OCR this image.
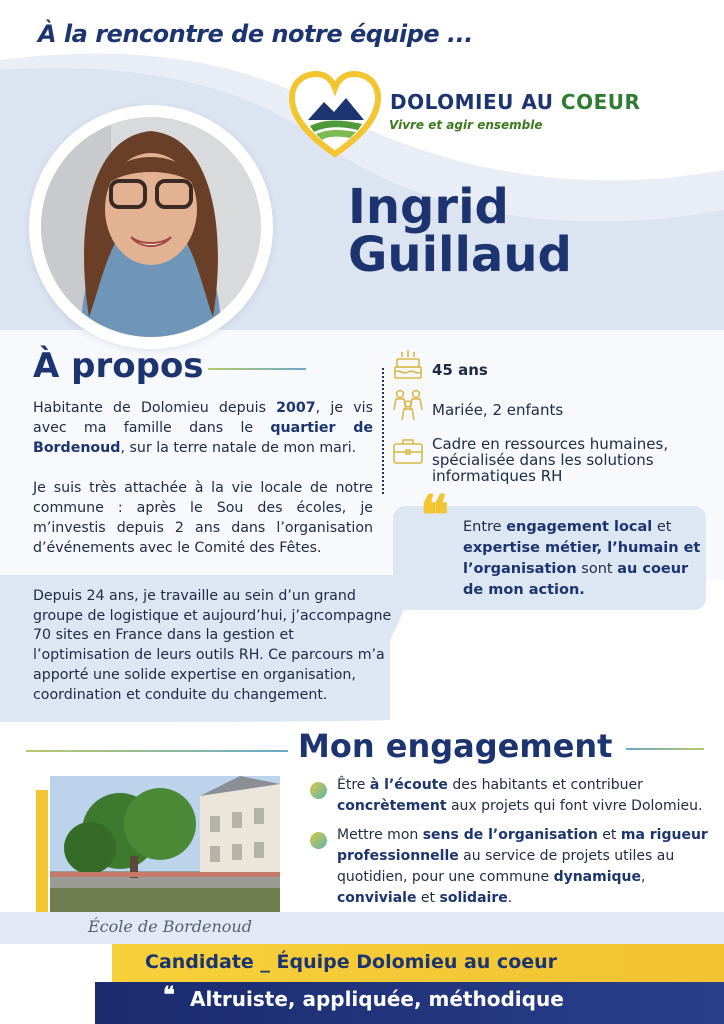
À la rencontre de notre équipe ...
DOLOMIEU AU COEUR
Vivre et agir ensemble
Ingrid
Guillaud
À propos
Habitante de Dolomieu depuis 2007, je vis avec ma famille dans le quartier de Bordenoud, sur la terre natale de mon mari.
Je suis très attachée à la vie locale de notre commune : après le Sou des écoles, je m’investis depuis 2 ans dans l’organisation d’événements avec le Comité des Fêtes.
Depuis 24 ans, je travaille au sein d’un grand groupe de logistique et aujourd’hui, j’accompagne 70 sites en France dans la gestion et l’optimisation de leurs outils RH. Ce parcours m’a apporté une solide expertise en organisation, coordination et conduite du changement.
45 ans
Mariée, 2 enfants
Cadre en ressources humaines, spécialisée dans les solutions informatiques RH
❝ Entre engagement local et expertise métier, l’humain et l’organisation sont au coeur de mon action.
Mon engagement
Être à l’écoute des habitants et contribuer concrètement aux projets qui font vivre Dolomieu.
Mettre mon sens de l’organisation et ma rigueur professionnelle au service de projets utiles au quotidien, pour une commune dynamique, conviviale et solidaire.
École de Bordenoud
Candidate _ Équipe Dolomieu au coeur
❝ Altruiste, appliquée, méthodique
